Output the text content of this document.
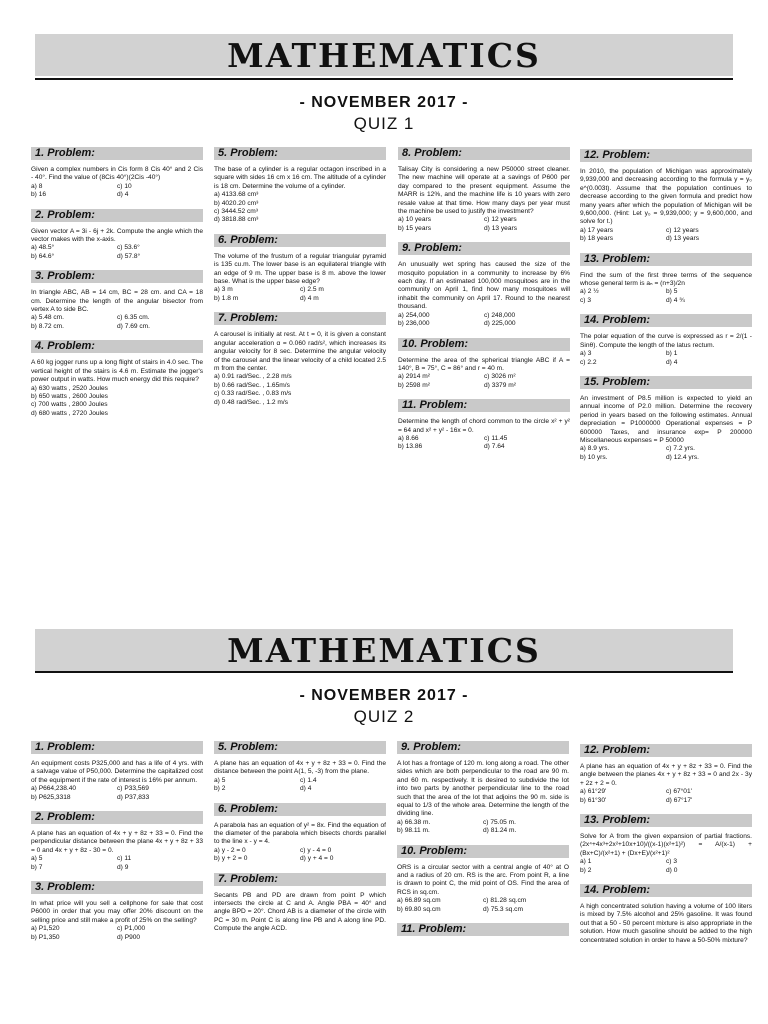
MATHEMATICS
- NOVEMBER 2017 -
QUIZ 1
1. Problem:
Given a complex numbers in Cis form 8 Cis 40° and 2 Cis - 40°. Find the value of (8Cis 40°)(2Cis -40°)
a) 8	c) 10
b) 16	d) 4
2. Problem:
Given vector A = 3i - 6j + 2k. Compute the angle which the vector makes with the x-axis.
a) 48.5°	c) 53.6°
b) 64.6°	d) 57.8°
3. Problem:
In triangle ABC, AB = 14 cm, BC = 28 cm. and CA = 18 cm. Determine the length of the angular bisector from vertex A to side BC.
a) 5.48 cm.	c) 6.35 cm.
b) 8.72 cm.	d) 7.69 cm.
4. Problem:
A 60 kg jogger runs up a long flight of stairs in 4.0 sec. The vertical height of the stairs is 4.6 m. Estimate the jogger's power output in watts. How much energy did this require?
a) 630 watts , 2520 Joules
b) 650 watts , 2600 Joules
c) 700 watts , 2800 Joules
d) 680 watts , 2720 Joules
5. Problem:
The base of a cylinder is a regular octagon inscribed in a square with sides 16 cm x 16 cm. The altitude of a cylinder is 18 cm. Determine the volume of a cylinder.
a) 4133.68 cm³
b) 4020.20 cm³
c) 3444.52 cm³
d) 3818.88 cm³
6. Problem:
The volume of the frustum of a regular triangular pyramid is 135 cu.m. The lower base is an equilateral triangle with an edge of 9 m. The upper base is 8 m. above the lower base. What is the upper base edge?
a) 3 m	c) 2.5 m
b) 1.8 m	d) 4 m
7. Problem:
A carousel is initially at rest. At t = 0, it is given a constant angular acceleration α = 0.060 rad/s², which increases its angular velocity for 8 sec. Determine the angular velocity of the carousel and the linear velocity of a child located 2.5 m from the center.
a) 0.91 rad/Sec. , 2.28 m/s
b) 0.66 rad/Sec. , 1.65m/s
c) 0.33 rad/Sec. , 0.83 m/s
d) 0.48 rad/Sec. , 1.2 m/s
8. Problem:
Talisay City is considering a new P50000 street cleaner. The new machine will operate at a savings of P600 per day compared to the present equipment. Assume the MARR is 12%, and the machine life is 10 years with zero resale value at that time. How many days per year must the machine be used to justify the investment?
a) 10 years	c) 12 years
b) 15 years	d) 13 years
9. Problem:
An unusually wet spring has caused the size of the mosquito population in a community to increase by 6% each day. If an estimated 100,000 mosquitoes are in the community on April 1, find how many mosquitoes will inhabit the community on April 17. Round to the nearest thousand.
a) 254,000	c) 248,000
b) 236,000	d) 225,000
10. Problem:
Determine the area of the spherical triangle ABC if A = 140°, B = 75°, C = 86° and r = 40 m.
a) 2914 m²	c) 3026 m²
b) 2598 m²	d) 3379 m²
11. Problem:
Determine the length of chord common to the circle x² + y² = 64 and x² + y² - 16x = 0.
a) 8.66	c) 11.45
b) 13.86	d) 7.64
12. Problem:
In 2010, the population of Michigan was approximately 9,939,000 and decreasing according to the formula y = y₀ e^(0.003t). Assume that the population continues to decrease according to the given formula and predict how many years after which the population of Michigan will be 9,600,000. (Hint: Let y₀ = 9,939,000; y = 9,600,000, and solve for t.)
a) 17 years	c) 12 years
b) 18 years	d) 13 years
13. Problem:
Find the sum of the first three terms of the sequence whose general term is aₙ = (n+3)/2n
a) 2 ½	b) 5
c) 3	d) 4 ¾
14. Problem:
The polar equation of the curve is expressed as r = 2/(1 - Sinθ). Compute the length of the latus rectum.
a) 3	b) 1
c) 2.2	d) 4
15. Problem:
An investment of P8.5 million is expected to yield an annual income of P2.0 million. Determine the recovery period in years based on the following estimates. Annual depreciation = P1000000 Operational expenses = P 600000 Taxes, and insurance exp= P 200000 Miscellaneous expenses = P 50000
a) 8.9 yrs.	c) 7.2 yrs.
b) 10 yrs.	d) 12.4 yrs.
MATHEMATICS
- NOVEMBER 2017 -
QUIZ 2
1. Problem:
An equipment costs P325,000 and has a life of 4 yrs. with a salvage value of P50,000. Determine the capitalized cost of the equipment if the rate of interest is 16% per annum.
a) P664,238.40	c) P33,569
b) P625,3318	d) P37,833
2. Problem:
A plane has an equation of 4x + y + 8z + 33 = 0. Find the perpendicular distance between the plane 4x + y + 8z + 33 = 0 and 4x + y + 8z - 30 = 0.
a) 5	c) 11
b) 7	d) 9
3. Problem:
In what price will you sell a cellphone for sale that cost P6000 in order that you may offer 20% discount on the selling price and still make a profit of 25% on the selling?
a) P1,520	c) P1,000
b) P1,350	d) P900
5. Problem:
A plane has an equation of 4x + y + 8z + 33 = 0. Find the distance between the point A(1, 5, -3) from the plane.
a) 5	c) 1.4
b) 2	d) 4
6. Problem:
A parabola has an equation of y² = 8x. Find the equation of the diameter of the parabola which bisects chords parallel to the line x - y = 4.
a) y - 2 = 0	c) y - 4 = 0
b) y + 2 = 0	d) y + 4 = 0
7. Problem:
Secants PB and PD are drawn from point P which intersects the circle at C and A. Angle PBA = 40° and angle BPD = 20°. Chord AB is a diameter of the circle with PC = 30 m. Point C is along line PB and A along line PD. Compute the angle ACD.
9. Problem:
A lot has a frontage of 120 m. long along a road. The other sides which are both perpendicular to the road are 90 m. and 60 m. respectively. It is desired to subdivide the lot into two parts by another perpendicular line to the road such that the area of the lot that adjoins the 90 m. side is equal to 1/3 of the whole area. Determine the length of the dividing line.
a) 66.38 m.	c) 75.05 m.
b) 98.11 m.	d) 81.24 m.
10. Problem:
ORS is a circular sector with a central angle of 40° at O and a radius of 20 cm. RS is the arc. From point R, a line is drawn to point C, the mid point of OS. Find the area of RCS in sq.cm.
a) 66.89 sq.cm	c) 81.28 sq.cm
b) 69.80 sq.cm	d) 75.3 sq.cm
11. Problem:
12. Problem:
A plane has an equation of 4x + y + 8z + 33 = 0. Find the angle between the planes 4x + y + 8z + 33 = 0 and 2x - 3y + 2z + 2 = 0.
a) 61°29'	c) 67°01'
b) 61°30'	d) 67°17'
13. Problem:
Solve for A from the given expansion of partial fractions. (2x⁴+4x³+2x²+10x+10)/((x-1)(x²+1)²) = A/(x-1) + (Bx+C)/(x²+1) + (Dx+E)/(x²+1)²
a) 1	c) 3
b) 2	d) 0
14. Problem:
A high concentrated solution having a volume of 100 liters is mixed by 7.5% alcohol and 25% gasoline. It was found out that a 50 - 50 percent mixture is also appropriate in the solution. How much gasoline should be added to the high concentrated solution in order to have a 50-50% mixture?
